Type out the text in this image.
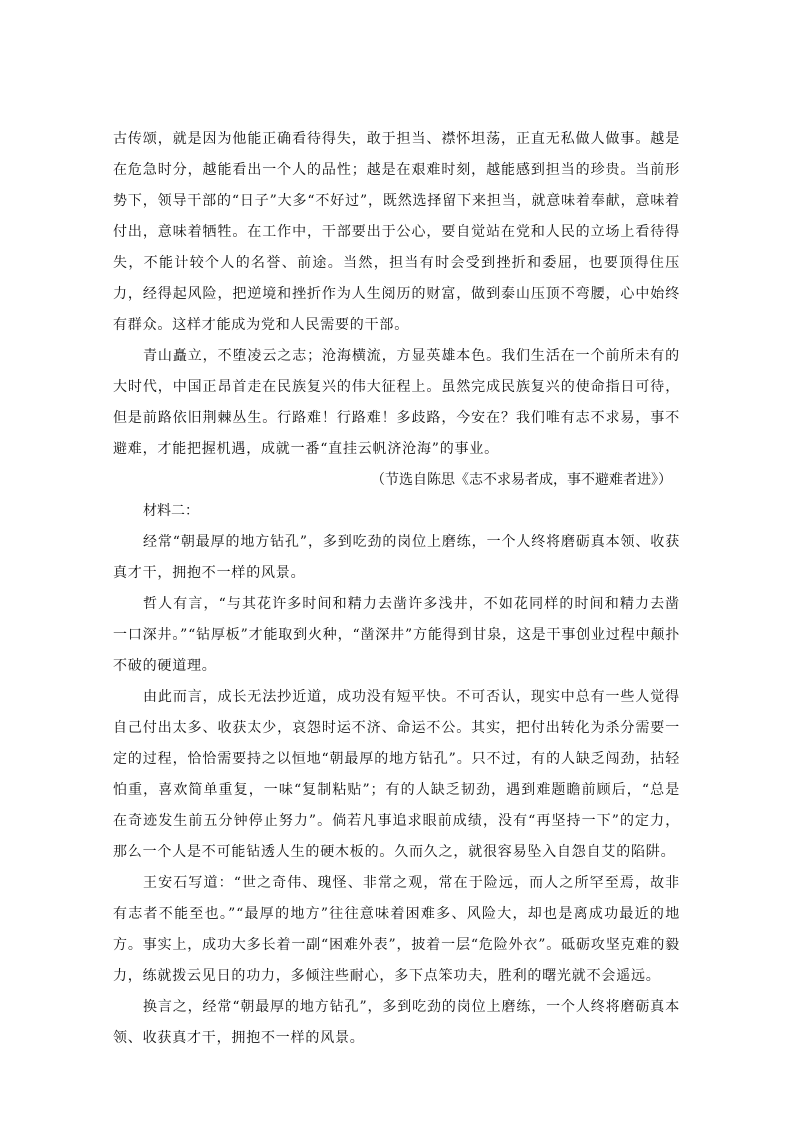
古传颂，就是因为他能正确看待得失，敢于担当、襟怀坦荡，正直无私做人做事。越是在危急时分，越能看出一个人的品性；越是在艰难时刻，越能感到担当的珍贵。当前形势下，领导干部的“日子”大多“不好过”，既然选择留下来担当，就意味着奉献，意味着付出，意味着牺牲。在工作中，干部要出于公心，要自觉站在党和人民的立场上看待得失，不能计较个人的名誉、前途。当然，担当有时会受到挫折和委屈，也要顶得住压力，经得起风险，把逆境和挫折作为人生阅历的财富，做到泰山压顶不弯腰，心中始终有群众。这样才能成为党和人民需要的干部。

青山矗立，不堕凌云之志；沧海横流，方显英雄本色。我们生活在一个前所未有的大时代，中国正昂首走在民族复兴的伟大征程上。虽然完成民族复兴的使命指日可待，但是前路依旧荆棘丛生。行路难！行路难！多歧路，今安在？我们唯有志不求易，事不避难，才能把握机遇，成就一番“直挂云帆济沧海”的事业。

（节选自陈思《志不求易者成，事不避难者进》）

材料二：

经常“朝最厚的地方钻孔”，多到吃劲的岗位上磨练，一个人终将磨砺真本领、收获真才干，拥抱不一样的风景。

哲人有言，“与其花许多时间和精力去凿许多浅井，不如花同样的时间和精力去凿一口深井。”“钻厚板”才能取到火种，“凿深井”方能得到甘泉，这是干事创业过程中颠扑不破的硬道理。

由此而言，成长无法抄近道，成功没有短平快。不可否认，现实中总有一些人觉得自己付出太多、收获太少，哀怨时运不济、命运不公。其实，把付出转化为杀分需要一定的过程，恰恰需要持之以恒地“朝最厚的地方钻孔”。只不过，有的人缺乏闯劲，拈轻怕重，喜欢简单重复，一味“复制粘贴”；有的人缺乏韧劲，遇到难题瞻前顾后，“总是在奇迹发生前五分钟停止努力”。倘若凡事追求眼前成绩，没有“再坚持一下”的定力，那么一个人是不可能钻透人生的硬木板的。久而久之，就很容易坠入自怨自艾的陷阱。

王安石写道：“世之奇伟、瑰怪、非常之观，常在于险远，而人之所罕至焉，故非有志者不能至也。”“最厚的地方”往往意味着困难多、风险大，却也是离成功最近的地方。事实上，成功大多长着一副“困难外表”，披着一层“危险外衣”。砥砺攻坚克难的毅力，练就拨云见日的功力，多倾注些耐心，多下点笨功夫，胜利的曙光就不会遥远。

换言之，经常“朝最厚的地方钻孔”，多到吃劲的岗位上磨练，一个人终将磨砺真本领、收获真才干，拥抱不一样的风景。
